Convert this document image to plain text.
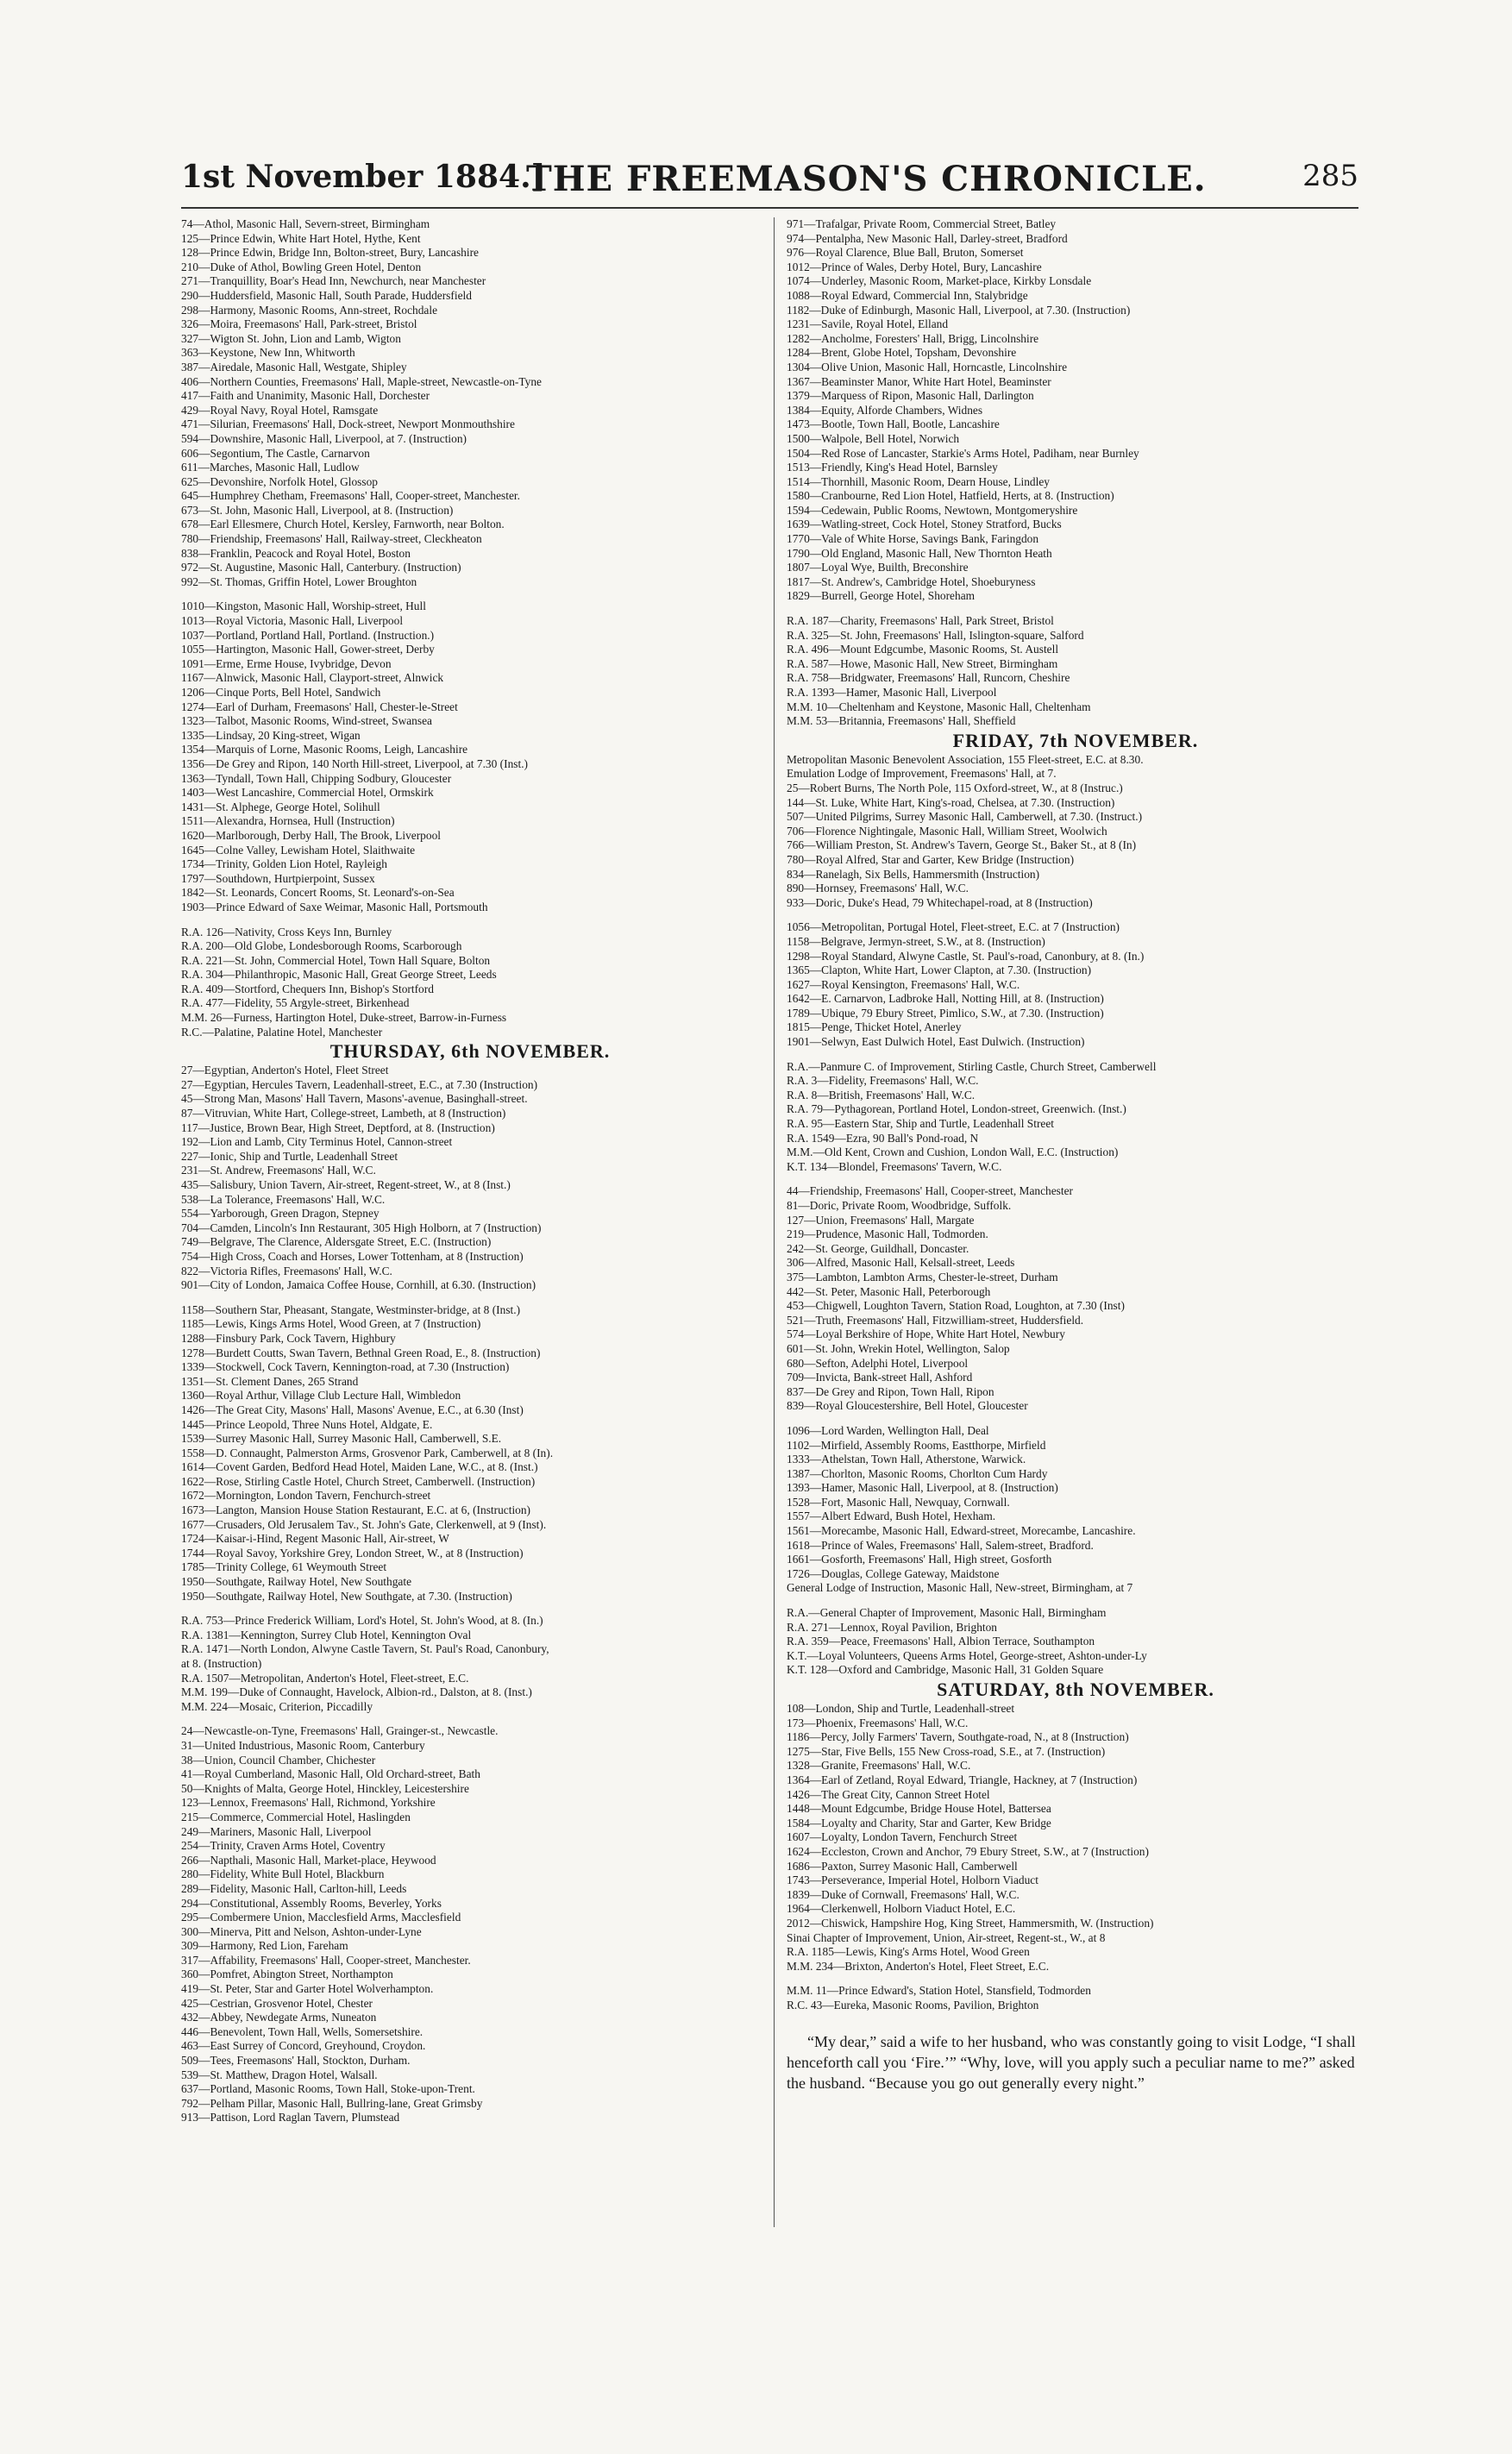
1st November 1884.]
THE FREEMASON'S CHRONICLE.	285

74—Athol, Masonic Hall, Severn-street, Birmingham

125—Prince Edwin, White Hart Hotel, Hythe, Kent

128—Prince Edwin, Bridge Inn, Bolton-street, Bury, Lancashire

210—Duke of Athol, Bowling Green Hotel, Denton

271—Tranquillity, Boar's Head Inn, Newchurch, near Manchester

290—Huddersfield, Masonic Hall, South Parade, Huddersfield

298—Harmony, Masonic Rooms, Ann-street, Rochdale

326—Moira, Freemasons' Hall, Park-street, Bristol

327—Wigton St. John, Lion and Lamb, Wigton

363—Keystone, New Inn, Whitworth

387—Airedale, Masonic Hall, Westgate, Shipley

406—Northern Counties, Freemasons' Hall, Maple-street, Newcastle-on-Tyne

417—Faith and Unanimity, Masonic Hall, Dorchester

429—Royal Navy, Royal Hotel, Ramsgate

471—Silurian, Freemasons' Hall, Dock-street, Newport Monmouthshire

594—Downshire, Masonic Hall, Liverpool, at 7. (Instruction)

606—Segontium, The Castle, Carnarvon

611—Marches, Masonic Hall, Ludlow

625—Devonshire, Norfolk Hotel, Glossop

645—Humphrey Chetham, Freemasons' Hall, Cooper-street, Manchester.

673—St. John, Masonic Hall, Liverpool, at 8. (Instruction)

678—Earl Ellesmere, Church Hotel, Kersley, Farnworth, near Bolton.

780—Friendship, Freemasons' Hall, Railway-street, Cleckheaton

838—Franklin, Peacock and Royal Hotel, Boston

972—St. Augustine, Masonic Hall, Canterbury. (Instruction)

992—St. Thomas, Griffin Hotel, Lower Broughton

1010—Kingston, Masonic Hall, Worship-street, Hull

1013—Royal Victoria, Masonic Hall, Liverpool

1037—Portland, Portland Hall, Portland. (Instruction.)

1055—Hartington, Masonic Hall, Gower-street, Derby

1091—Erme, Erme House, Ivybridge, Devon

1167—Alnwick, Masonic Hall, Clayport-street, Alnwick

1206—Cinque Ports, Bell Hotel, Sandwich

1274—Earl of Durham, Freemasons' Hall, Chester-le-Street

1323—Talbot, Masonic Rooms, Wind-street, Swansea

1335—Lindsay, 20 King-street, Wigan

1354—Marquis of Lorne, Masonic Rooms, Leigh, Lancashire

1356—De Grey and Ripon, 140 North Hill-street, Liverpool, at 7.30 (Inst.)

1363—Tyndall, Town Hall, Chipping Sodbury, Gloucester

1403—West Lancashire, Commercial Hotel, Ormskirk

1431—St. Alphege, George Hotel, Solihull

1511—Alexandra, Hornsea, Hull (Instruction)

1620—Marlborough, Derby Hall, The Brook, Liverpool

1645—Colne Valley, Lewisham Hotel, Slaithwaite

1734—Trinity, Golden Lion Hotel, Rayleigh

1797—Southdown, Hurtpierpoint, Sussex

1842—St. Leonards, Concert Rooms, St. Leonard's-on-Sea

1903—Prince Edward of Saxe Weimar, Masonic Hall, Portsmouth

R.A. 126—Nativity, Cross Keys Inn, Burnley

R.A. 200—Old Globe, Londesborough Rooms, Scarborough

R.A. 221—St. John, Commercial Hotel, Town Hall Square, Bolton

R.A. 304—Philanthropic, Masonic Hall, Great George Street, Leeds

R.A. 409—Stortford, Chequers Inn, Bishop's Stortford

R.A. 477—Fidelity, 55 Argyle-street, Birkenhead

M.M. 26—Furness, Hartington Hotel, Duke-street, Barrow-in-Furness

R.C.—Palatine, Palatine Hotel, Manchester

THURSDAY, 6th NOVEMBER.

27—Egyptian, Anderton's Hotel, Fleet Street

27—Egyptian, Hercules Tavern, Leadenhall-street, E.C., at 7.30 (Instruction)

45—Strong Man, Masons' Hall Tavern, Masons'-avenue, Basinghall-street.

87—Vitruvian, White Hart, College-street, Lambeth, at 8 (Instruction)

117—Justice, Brown Bear, High Street, Deptford, at 8. (Instruction)

192—Lion and Lamb, City Terminus Hotel, Cannon-street

227—Ionic, Ship and Turtle, Leadenhall Street

231—St. Andrew, Freemasons' Hall, W.C.

435—Salisbury, Union Tavern, Air-street, Regent-street, W., at 8 (Inst.)

538—La Tolerance, Freemasons' Hall, W.C.

554—Yarborough, Green Dragon, Stepney

704—Camden, Lincoln's Inn Restaurant, 305 High Holborn, at 7 (Instruction)

749—Belgrave, The Clarence, Aldersgate Street, E.C. (Instruction)

754—High Cross, Coach and Horses, Lower Tottenham, at 8 (Instruction)

822—Victoria Rifles, Freemasons' Hall, W.C.

901—City of London, Jamaica Coffee House, Cornhill, at 6.30. (Instruction)

1158—Southern Star, Pheasant, Stangate, Westminster-bridge, at 8 (Inst.)

1185—Lewis, Kings Arms Hotel, Wood Green, at 7 (Instruction)

1288—Finsbury Park, Cock Tavern, Highbury

1278—Burdett Coutts, Swan Tavern, Bethnal Green Road, E., 8. (Instruction)

1339—Stockwell, Cock Tavern, Kennington-road, at 7.30 (Instruction)

1351—St. Clement Danes, 265 Strand

1360—Royal Arthur, Village Club Lecture Hall, Wimbledon

1426—The Great City, Masons' Hall, Masons' Avenue, E.C., at 6.30 (Inst)

1445—Prince Leopold, Three Nuns Hotel, Aldgate, E.

1539—Surrey Masonic Hall, Surrey Masonic Hall, Camberwell, S.E.

1558—D. Connaught, Palmerston Arms, Grosvenor Park, Camberwell, at 8 (In).

1614—Covent Garden, Bedford Head Hotel, Maiden Lane, W.C., at 8. (Inst.)

1622—Rose, Stirling Castle Hotel, Church Street, Camberwell. (Instruction)

1672—Mornington, London Tavern, Fenchurch-street

1673—Langton, Mansion House Station Restaurant, E.C. at 6, (Instruction)

1677—Crusaders, Old Jerusalem Tav., St. John's Gate, Clerkenwell, at 9 (Inst).

1724—Kaisar-i-Hind, Regent Masonic Hall, Air-street, W

1744—Royal Savoy, Yorkshire Grey, London Street, W., at 8 (Instruction)

1785—Trinity College, 61 Weymouth Street

1950—Southgate, Railway Hotel, New Southgate

1950—Southgate, Railway Hotel, New Southgate, at 7.30. (Instruction)

R.A. 753—Prince Frederick William, Lord's Hotel, St. John's Wood, at 8. (In.)

R.A. 1381—Kennington, Surrey Club Hotel, Kennington Oval

R.A. 1471—North London, Alwyne Castle Tavern, St. Paul's Road, Canonbury,

at 8. (Instruction)

R.A. 1507—Metropolitan, Anderton's Hotel, Fleet-street, E.C.

M.M. 199—Duke of Connaught, Havelock, Albion-rd., Dalston, at 8. (Inst.)

M.M. 224—Mosaic, Criterion, Piccadilly

24—Newcastle-on-Tyne, Freemasons' Hall, Grainger-st., Newcastle.

31—United Industrious, Masonic Room, Canterbury

38—Union, Council Chamber, Chichester

41—Royal Cumberland, Masonic Hall, Old Orchard-street, Bath

50—Knights of Malta, George Hotel, Hinckley, Leicestershire

123—Lennox, Freemasons' Hall, Richmond, Yorkshire

215—Commerce, Commercial Hotel, Haslingden

249—Mariners, Masonic Hall, Liverpool

254—Trinity, Craven Arms Hotel, Coventry

266—Napthali, Masonic Hall, Market-place, Heywood

280—Fidelity, White Bull Hotel, Blackburn

289—Fidelity, Masonic Hall, Carlton-hill, Leeds

294—Constitutional, Assembly Rooms, Beverley, Yorks

295—Combermere Union, Macclesfield Arms, Macclesfield

300—Minerva, Pitt and Nelson, Ashton-under-Lyne

309—Harmony, Red Lion, Fareham

317—Affability, Freemasons' Hall, Cooper-street, Manchester.

360—Pomfret, Abington Street, Northampton

419—St. Peter, Star and Garter Hotel Wolverhampton.

425—Cestrian, Grosvenor Hotel, Chester

432—Abbey, Newdegate Arms, Nuneaton

446—Benevolent, Town Hall, Wells, Somersetshire.

463—East Surrey of Concord, Greyhound, Croydon.

509—Tees, Freemasons' Hall, Stockton, Durham.

539—St. Matthew, Dragon Hotel, Walsall.

637—Portland, Masonic Rooms, Town Hall, Stoke-upon-Trent.

792—Pelham Pillar, Masonic Hall, Bullring-lane, Great Grimsby

913—Pattison, Lord Raglan Tavern, Plumstead

971—Trafalgar, Private Room, Commercial Street, Batley

974—Pentalpha, New Masonic Hall, Darley-street, Bradford

976—Royal Clarence, Blue Ball, Bruton, Somerset

1012—Prince of Wales, Derby Hotel, Bury, Lancashire

1074—Underley, Masonic Room, Market-place, Kirkby Lonsdale

1088—Royal Edward, Commercial Inn, Stalybridge

1182—Duke of Edinburgh, Masonic Hall, Liverpool, at 7.30. (Instruction)

1231—Savile, Royal Hotel, Elland

1282—Ancholme, Foresters' Hall, Brigg, Lincolnshire

1284—Brent, Globe Hotel, Topsham, Devonshire

1304—Olive Union, Masonic Hall, Horncastle, Lincolnshire

1367—Beaminster Manor, White Hart Hotel, Beaminster

1379—Marquess of Ripon, Masonic Hall, Darlington

1384—Equity, Alforde Chambers, Widnes

1473—Bootle, Town Hall, Bootle, Lancashire

1500—Walpole, Bell Hotel, Norwich

1504—Red Rose of Lancaster, Starkie's Arms Hotel, Padiham, near Burnley

1513—Friendly, King's Head Hotel, Barnsley

1514—Thornhill, Masonic Room, Dearn House, Lindley

1580—Cranbourne, Red Lion Hotel, Hatfield, Herts, at 8. (Instruction)

1594—Cedewain, Public Rooms, Newtown, Montgomeryshire

1639—Watling-street, Cock Hotel, Stoney Stratford, Bucks

1770—Vale of White Horse, Savings Bank, Faringdon

1790—Old England, Masonic Hall, New Thornton Heath

1807—Loyal Wye, Builth, Breconshire

1817—St. Andrew's, Cambridge Hotel, Shoeburyness

1829—Burrell, George Hotel, Shoreham

R.A. 187—Charity, Freemasons' Hall, Park Street, Bristol

R.A. 325—St. John, Freemasons' Hall, Islington-square, Salford

R.A. 496—Mount Edgcumbe, Masonic Rooms, St. Austell

R.A. 587—Howe, Masonic Hall, New Street, Birmingham

R.A. 758—Bridgwater, Freemasons' Hall, Runcorn, Cheshire

R.A. 1393—Hamer, Masonic Hall, Liverpool

M.M. 10—Cheltenham and Keystone, Masonic Hall, Cheltenham

M.M. 53—Britannia, Freemasons' Hall, Sheffield

FRIDAY, 7th NOVEMBER.

Metropolitan Masonic Benevolent Association, 155 Fleet-street, E.C. at 8.30.

Emulation Lodge of Improvement, Freemasons' Hall, at 7.

25—Robert Burns, The North Pole, 115 Oxford-street, W., at 8 (Instruc.)

144—St. Luke, White Hart, King's-road, Chelsea, at 7.30. (Instruction)

507—United Pilgrims, Surrey Masonic Hall, Camberwell, at 7.30. (Instruct.)

706—Florence Nightingale, Masonic Hall, William Street, Woolwich

766—William Preston, St. Andrew's Tavern, George St., Baker St., at 8 (In)

780—Royal Alfred, Star and Garter, Kew Bridge (Instruction)

834—Ranelagh, Six Bells, Hammersmith (Instruction)

890—Hornsey, Freemasons' Hall, W.C.

933—Doric, Duke's Head, 79 Whitechapel-road, at 8 (Instruction)

1056—Metropolitan, Portugal Hotel, Fleet-street, E.C. at 7 (Instruction)

1158—Belgrave, Jermyn-street, S.W., at 8. (Instruction)

1298—Royal Standard, Alwyne Castle, St. Paul's-road, Canonbury, at 8. (In.)

1365—Clapton, White Hart, Lower Clapton, at 7.30. (Instruction)

1627—Royal Kensington, Freemasons' Hall, W.C.

1642—E. Carnarvon, Ladbroke Hall, Notting Hill, at 8. (Instruction)

1789—Ubique, 79 Ebury Street, Pimlico, S.W., at 7.30. (Instruction)

1815—Penge, Thicket Hotel, Anerley

1901—Selwyn, East Dulwich Hotel, East Dulwich. (Instruction)

R.A.—Panmure C. of Improvement, Stirling Castle, Church Street, Camberwell

R.A. 3—Fidelity, Freemasons' Hall, W.C.

R.A. 8—British, Freemasons' Hall, W.C.

R.A. 79—Pythagorean, Portland Hotel, London-street, Greenwich. (Inst.)

R.A. 95—Eastern Star, Ship and Turtle, Leadenhall Street

R.A. 1549—Ezra, 90 Ball's Pond-road, N

M.M.—Old Kent, Crown and Cushion, London Wall, E.C. (Instruction)

K.T. 134—Blondel, Freemasons' Tavern, W.C.

44—Friendship, Freemasons' Hall, Cooper-street, Manchester

81—Doric, Private Room, Woodbridge, Suffolk.

127—Union, Freemasons' Hall, Margate

219—Prudence, Masonic Hall, Todmorden.

242—St. George, Guildhall, Doncaster.

306—Alfred, Masonic Hall, Kelsall-street, Leeds

375—Lambton, Lambton Arms, Chester-le-street, Durham

442—St. Peter, Masonic Hall, Peterborough

453—Chigwell, Loughton Tavern, Station Road, Loughton, at 7.30 (Inst)

521—Truth, Freemasons' Hall, Fitzwilliam-street, Huddersfield.

574—Loyal Berkshire of Hope, White Hart Hotel, Newbury

601—St. John, Wrekin Hotel, Wellington, Salop

680—Sefton, Adelphi Hotel, Liverpool

709—Invicta, Bank-street Hall, Ashford

837—De Grey and Ripon, Town Hall, Ripon

839—Royal Gloucestershire, Bell Hotel, Gloucester

1096—Lord Warden, Wellington Hall, Deal

1102—Mirfield, Assembly Rooms, Eastthorpe, Mirfield

1333—Athelstan, Town Hall, Atherstone, Warwick.

1387—Chorlton, Masonic Rooms, Chorlton Cum Hardy

1393—Hamer, Masonic Hall, Liverpool, at 8. (Instruction)

1528—Fort, Masonic Hall, Newquay, Cornwall.

1557—Albert Edward, Bush Hotel, Hexham.

1561—Morecambe, Masonic Hall, Edward-street, Morecambe, Lancashire.

1618—Prince of Wales, Freemasons' Hall, Salem-street, Bradford.

1661—Gosforth, Freemasons' Hall, High street, Gosforth

1726—Douglas, College Gateway, Maidstone

General Lodge of Instruction, Masonic Hall, New-street, Birmingham, at 7

R.A.—General Chapter of Improvement, Masonic Hall, Birmingham

R.A. 271—Lennox, Royal Pavilion, Brighton

R.A. 359—Peace, Freemasons' Hall, Albion Terrace, Southampton

K.T.—Loyal Volunteers, Queens Arms Hotel, George-street, Ashton-under-Ly

K.T. 128—Oxford and Cambridge, Masonic Hall, 31 Golden Square

SATURDAY, 8th NOVEMBER.

108—London, Ship and Turtle, Leadenhall-street

173—Phoenix, Freemasons' Hall, W.C.

1186—Percy, Jolly Farmers' Tavern, Southgate-road, N., at 8 (Instruction)

1275—Star, Five Bells, 155 New Cross-road, S.E., at 7. (Instruction)

1328—Granite, Freemasons' Hall, W.C.

1364—Earl of Zetland, Royal Edward, Triangle, Hackney, at 7 (Instruction)

1426—The Great City, Cannon Street Hotel

1448—Mount Edgcumbe, Bridge House Hotel, Battersea

1584—Loyalty and Charity, Star and Garter, Kew Bridge

1607—Loyalty, London Tavern, Fenchurch Street

1624—Eccleston, Crown and Anchor, 79 Ebury Street, S.W., at 7 (Instruction)

1686—Paxton, Surrey Masonic Hall, Camberwell

1743—Perseverance, Imperial Hotel, Holborn Viaduct

1839—Duke of Cornwall, Freemasons' Hall, W.C.

1964—Clerkenwell, Holborn Viaduct Hotel, E.C.

2012—Chiswick, Hampshire Hog, King Street, Hammersmith, W. (Instruction)

Sinai Chapter of Improvement, Union, Air-street, Regent-st., W., at 8

R.A. 1185—Lewis, King's Arms Hotel, Wood Green

M.M. 234—Brixton, Anderton's Hotel, Fleet Street, E.C.

M.M. 11—Prince Edward's, Station Hotel, Stansfield, Todmorden

R.C. 43—Eureka, Masonic Rooms, Pavilion, Brighton

“My dear,” said a wife to her husband, who was constantly going to visit Lodge, “I shall henceforth call you ‘Fire.’” “Why, love, will you apply such a peculiar name to me?” asked the husband. “Because you go out generally every night.”
